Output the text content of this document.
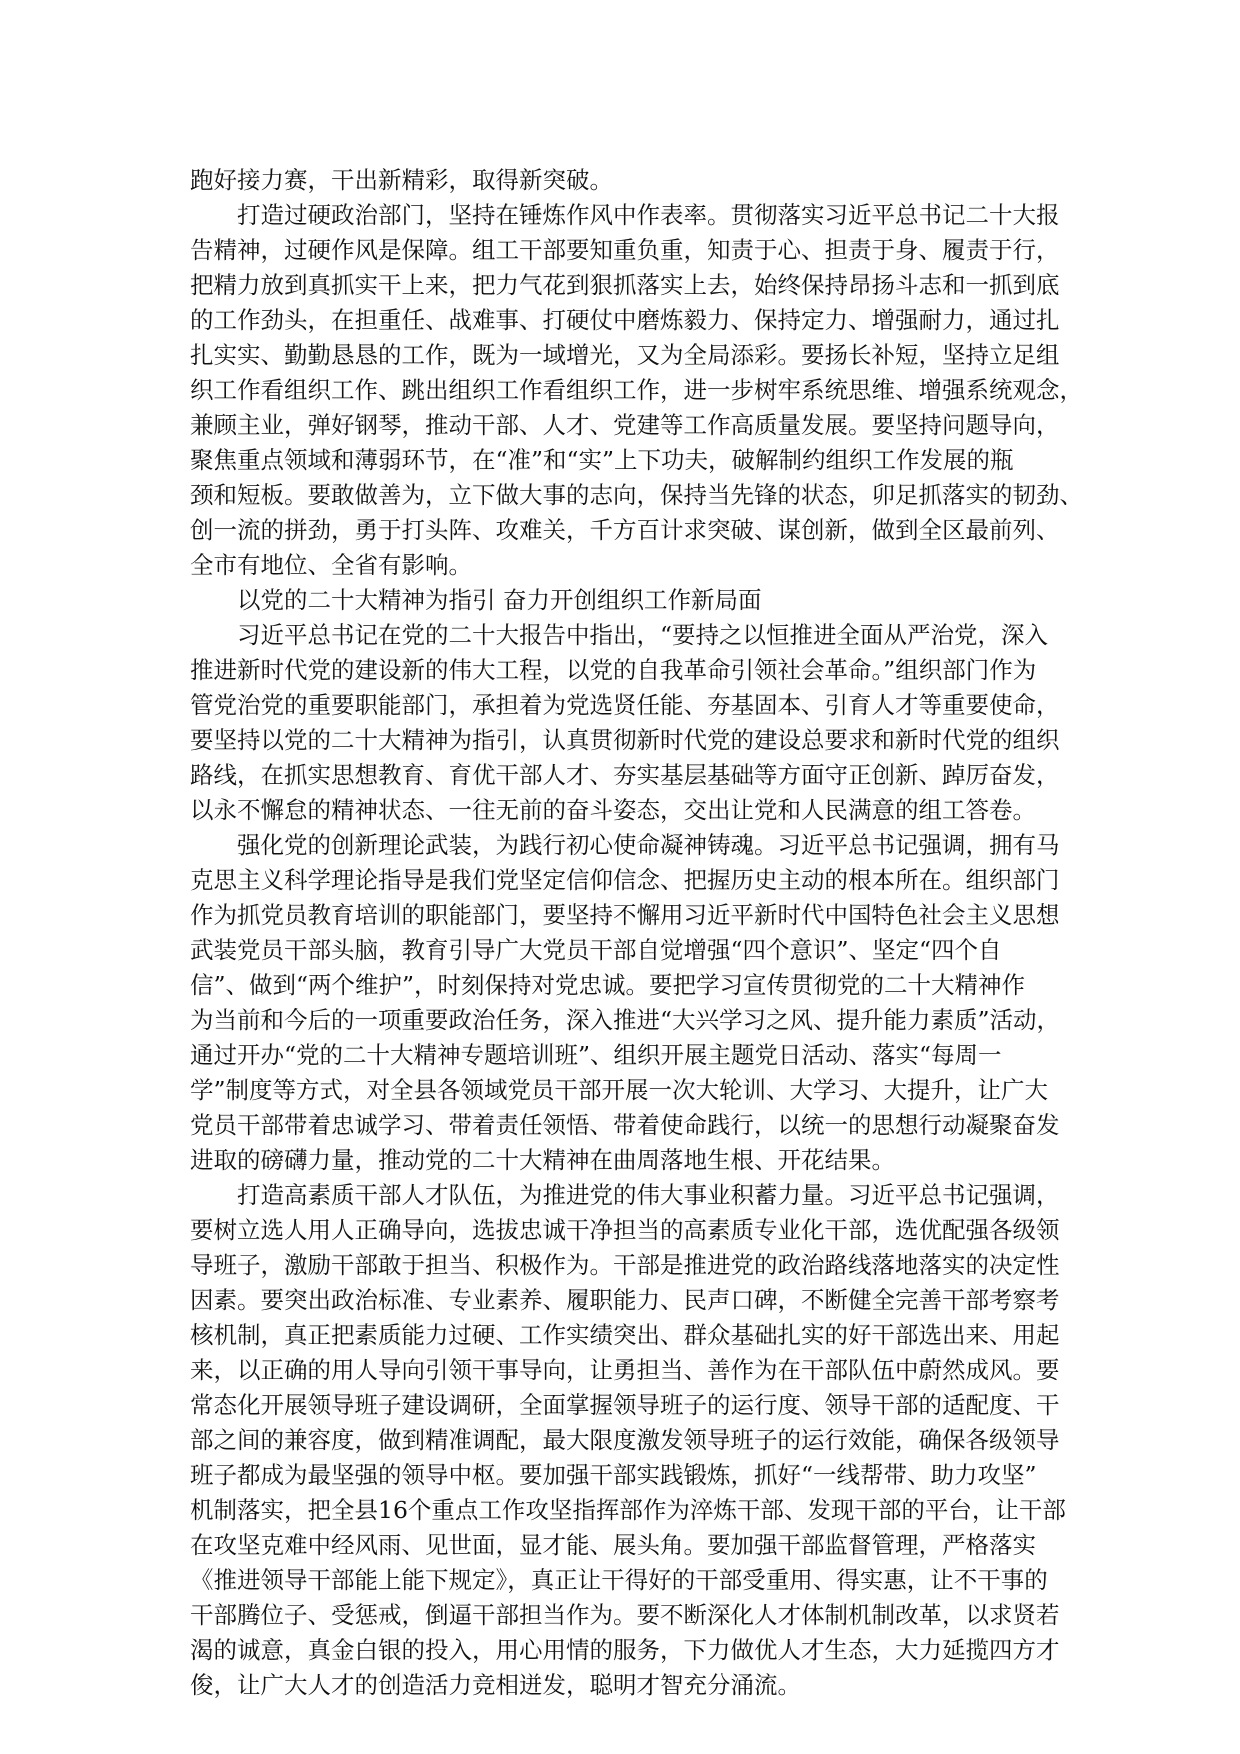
跑好接力赛，干出新精彩，取得新突破。
打造过硬政治部门，坚持在锤炼作风中作表率。贯彻落实习近平总书记二十大报
告精神，过硬作风是保障。组工干部要知重负重，知责于心、担责于身、履责于行，
把精力放到真抓实干上来，把力气花到狠抓落实上去，始终保持昂扬斗志和一抓到底
的工作劲头，在担重任、战难事、打硬仗中磨炼毅力、保持定力、增强耐力，通过扎
扎实实、勤勤恳恳的工作，既为一域增光，又为全局添彩。要扬长补短，坚持立足组
织工作看组织工作、跳出组织工作看组织工作，进一步树牢系统思维、增强系统观念，
兼顾主业，弹好钢琴，推动干部、人才、党建等工作高质量发展。要坚持问题导向，
聚焦重点领域和薄弱环节，在“准”和“实”上下功夫，破解制约组织工作发展的瓶
颈和短板。要敢做善为，立下做大事的志向，保持当先锋的状态，卯足抓落实的韧劲、
创一流的拼劲，勇于打头阵、攻难关，千方百计求突破、谋创新，做到全区最前列、
全市有地位、全省有影响。
以党的二十大精神为指引 奋力开创组织工作新局面
习近平总书记在党的二十大报告中指出，“要持之以恒推进全面从严治党，深入
推进新时代党的建设新的伟大工程，以党的自我革命引领社会革命。”组织部门作为
管党治党的重要职能部门，承担着为党选贤任能、夯基固本、引育人才等重要使命，
要坚持以党的二十大精神为指引，认真贯彻新时代党的建设总要求和新时代党的组织
路线，在抓实思想教育、育优干部人才、夯实基层基础等方面守正创新、踔厉奋发，
以永不懈怠的精神状态、一往无前的奋斗姿态，交出让党和人民满意的组工答卷。
强化党的创新理论武装，为践行初心使命凝神铸魂。习近平总书记强调，拥有马
克思主义科学理论指导是我们党坚定信仰信念、把握历史主动的根本所在。组织部门
作为抓党员教育培训的职能部门，要坚持不懈用习近平新时代中国特色社会主义思想
武装党员干部头脑，教育引导广大党员干部自觉增强“四个意识”、坚定“四个自
信”、做到“两个维护”，时刻保持对党忠诚。要把学习宣传贯彻党的二十大精神作
为当前和今后的一项重要政治任务，深入推进“大兴学习之风、提升能力素质”活动，
通过开办“党的二十大精神专题培训班”、组织开展主题党日活动、落实“每周一
学”制度等方式，对全县各领域党员干部开展一次大轮训、大学习、大提升，让广大
党员干部带着忠诚学习、带着责任领悟、带着使命践行，以统一的思想行动凝聚奋发
进取的磅礴力量，推动党的二十大精神在曲周落地生根、开花结果。
打造高素质干部人才队伍，为推进党的伟大事业积蓄力量。习近平总书记强调，
要树立选人用人正确导向，选拔忠诚干净担当的高素质专业化干部，选优配强各级领
导班子，激励干部敢于担当、积极作为。干部是推进党的政治路线落地落实的决定性
因素。要突出政治标准、专业素养、履职能力、民声口碑，不断健全完善干部考察考
核机制，真正把素质能力过硬、工作实绩突出、群众基础扎实的好干部选出来、用起
来，以正确的用人导向引领干事导向，让勇担当、善作为在干部队伍中蔚然成风。要
常态化开展领导班子建设调研，全面掌握领导班子的运行度、领导干部的适配度、干
部之间的兼容度，做到精准调配，最大限度激发领导班子的运行效能，确保各级领导
班子都成为最坚强的领导中枢。要加强干部实践锻炼，抓好“一线帮带、助力攻坚”
机制落实，把全县16个重点工作攻坚指挥部作为淬炼干部、发现干部的平台，让干部
在攻坚克难中经风雨、见世面，显才能、展头角。要加强干部监督管理，严格落实
《推进领导干部能上能下规定》，真正让干得好的干部受重用、得实惠，让不干事的
干部腾位子、受惩戒，倒逼干部担当作为。要不断深化人才体制机制改革，以求贤若
渴的诚意，真金白银的投入，用心用情的服务，下力做优人才生态，大力延揽四方才
俊，让广大人才的创造活力竞相迸发，聪明才智充分涌流。
